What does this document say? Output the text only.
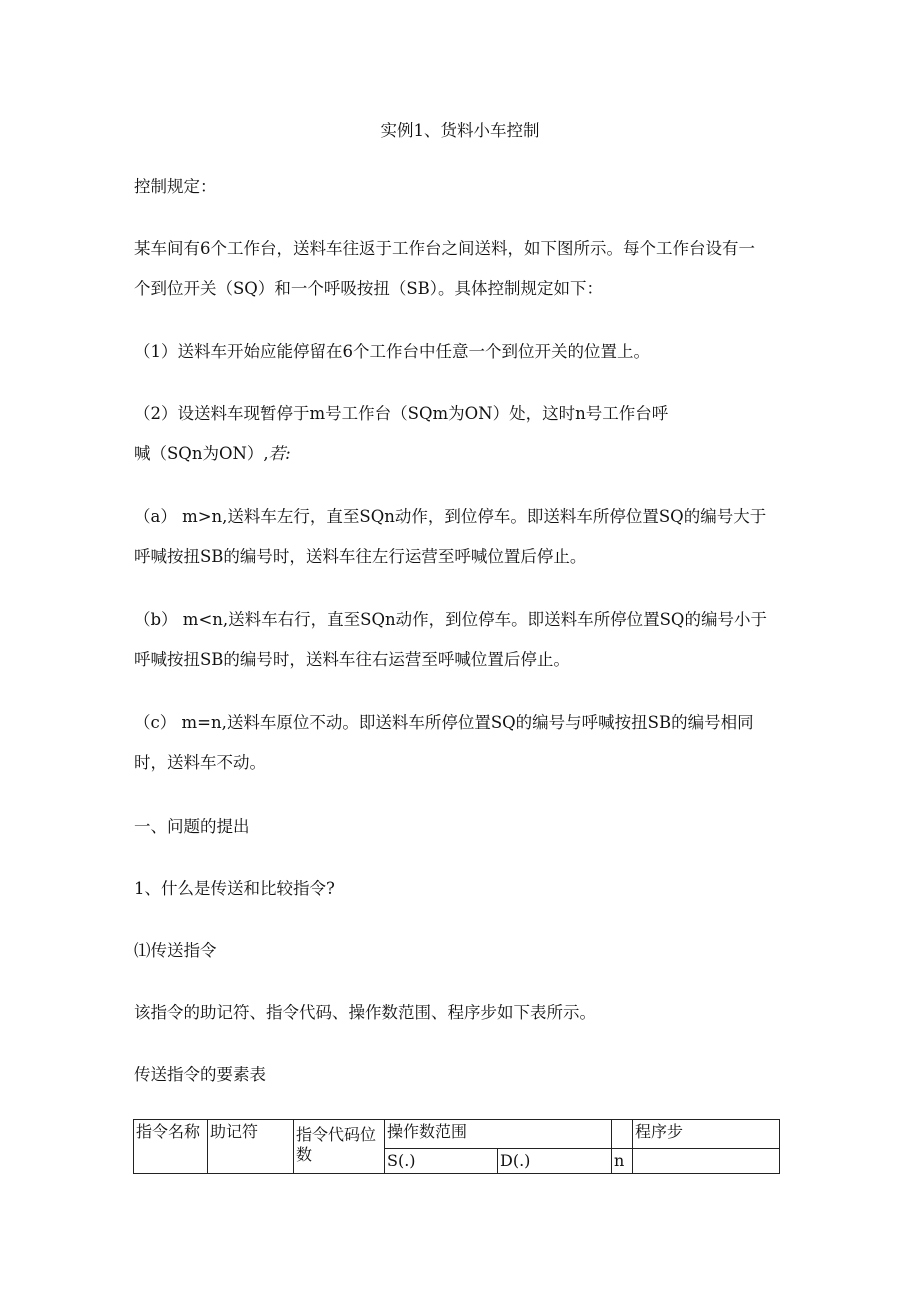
实例1、货料小车控制
控制规定：
某车间有6个工作台，送料车往返于工作台之间送料，如下图所示。每个工作台设有一
个到位开关（SQ）和一个呼吸按扭（SB）。具体控制规定如下：
（1）送料车开始应能停留在6个工作台中任意一个到位开关的位置上。
（2）设送料车现暂停于m号工作台（SQm为ON）处，这时n号工作台呼
喊（SQn为ON）,若:
（a） m>n,送料车左行，直至SQn动作，到位停车。即送料车所停位置SQ的编号大于
呼喊按扭SB的编号时，送料车往左行运营至呼喊位置后停止。
（b） m<n,送料车右行，直至SQn动作，到位停车。即送料车所停位置SQ的编号小于
呼喊按扭SB的编号时，送料车往右运营至呼喊位置后停止。
（c） m=n,送料车原位不动。即送料车所停位置SQ的编号与呼喊按扭SB的编号相同
时，送料车不动。
一、问题的提出
1、什么是传送和比较指令?
⑴传送指令
该指令的助记符、指令代码、操作数范围、程序步如下表所示。
传送指令的要素表
指令名称	助记符	指令代码位数	操作数范围			程序步
			S(.)	D(.)	n	
